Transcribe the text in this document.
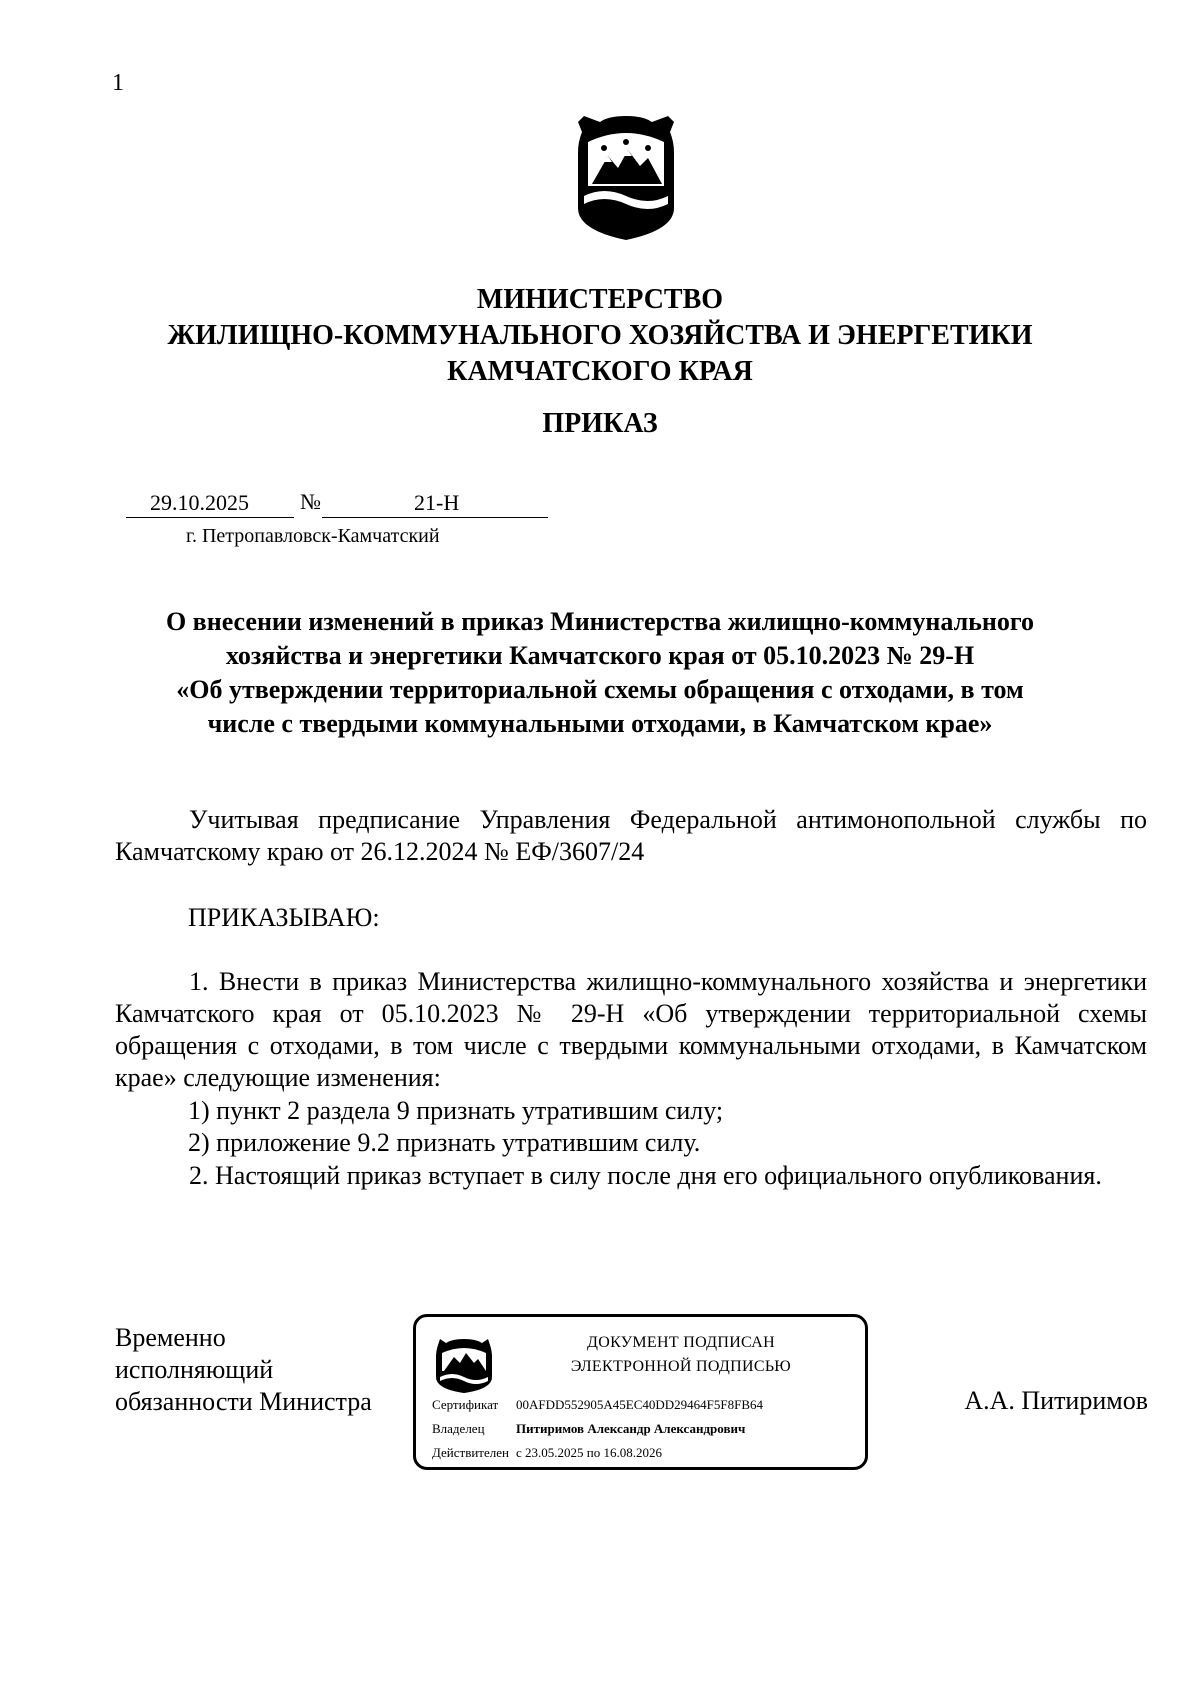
1
МИНИСТЕРСТВО
ЖИЛИЩНО-КОММУНАЛЬНОГО ХОЗЯЙСТВА И ЭНЕРГЕТИКИ
КАМЧАТСКОГО КРАЯ
ПРИКАЗ
29.10.2025 №	21-Н
г. Петропавловск-Камчатский
О внесении изменений в приказ Министерства жилищно-коммунального
хозяйства и энергетики Камчатского края от 05.10.2023 № 29-Н
«Об утверждении территориальной схемы обращения с отходами, в том
числе с твердыми коммунальными отходами, в Камчатском крае»
Учитывая предписание Управления Федеральной антимонопольной службы по Камчатскому краю от 26.12.2024 № ЕФ/3607/24
ПРИКАЗЫВАЮ:
1. Внести в приказ Министерства жилищно-коммунального хозяйства и энергетики Камчатского края от 05.10.2023 № 29-Н «Об утверждении территориальной схемы обращения с отходами, в том числе с твердыми коммунальными отходами, в Камчатском крае» следующие изменения:
1) пункт 2 раздела 9 признать утратившим силу;
2) приложение 9.2 признать утратившим силу.
2. Настоящий приказ вступает в силу после дня его официального опубликования.
Временно
исполняющий
обязанности Министра
ДОКУМЕНТ ПОДПИСАН
ЭЛЕКТРОННОЙ ПОДПИСЬЮ
Сертификат 00AFDD552905A45EC40DD29464F5F8FB64
Владелец Питиримов Александр Александрович
Действителен с 23.05.2025 по 16.08.2026
А.А. Питиримов
